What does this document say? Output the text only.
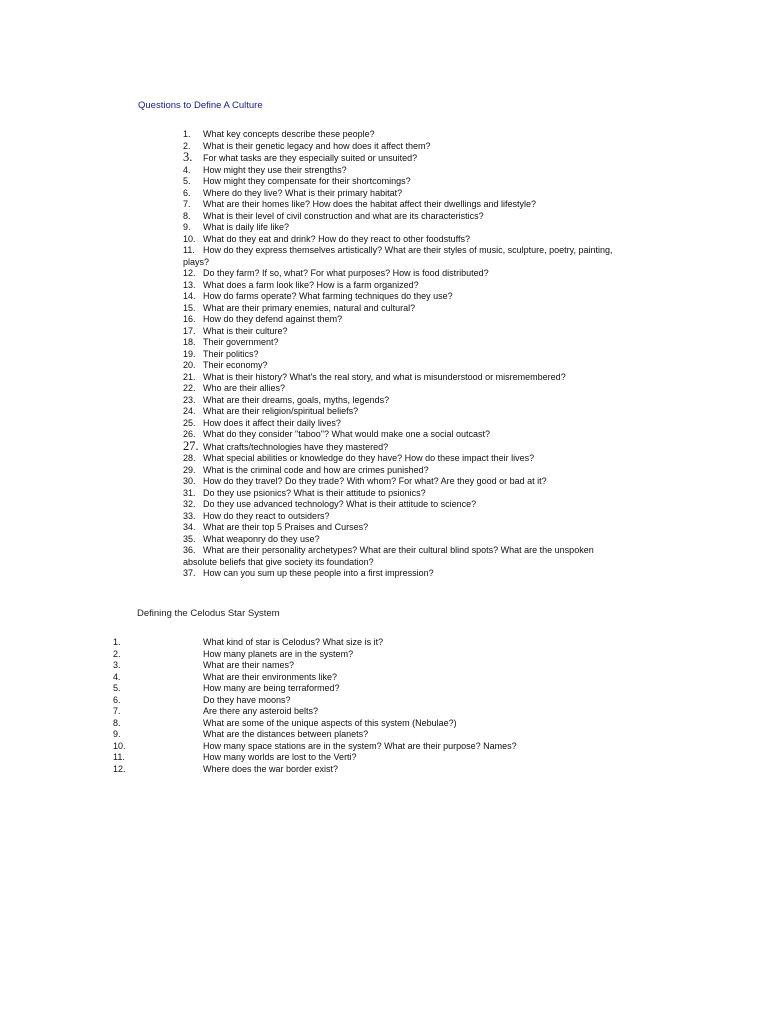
Questions to Define A Culture
1. What key concepts describe these people?
2. What is their genetic legacy and how does it affect them?
3. For what tasks are they especially suited or unsuited?
4. How might they use their strengths?
5. How might they compensate for their shortcomings?
6. Where do they live? What is their primary habitat?
7. What are their homes like? How does the habitat affect their dwellings and lifestyle?
8. What is their level of civil construction and what are its characteristics?
9. What is daily life like?
10. What do they eat and drink? How do they react to other foodstuffs?
11. How do they express themselves artistically? What are their styles of music, sculpture, poetry, painting, plays?
12. Do they farm? If so, what? For what purposes? How is food distributed?
13. What does a farm look like? How is a farm organized?
14. How do farms operate? What farming techniques do they use?
15. What are their primary enemies, natural and cultural?
16. How do they defend against them?
17. What is their culture?
18. Their government?
19. Their politics?
20. Their economy?
21. What is their history? What's the real story, and what is misunderstood or misremembered?
22. Who are their allies?
23. What are their dreams, goals, myths, legends?
24. What are their religion/spiritual beliefs?
25. How does it affect their daily lives?
26. What do they consider "taboo"? What would make one a social outcast?
27. What crafts/technologies have they mastered?
28. What special abilities or knowledge do they have? How do these impact their lives?
29. What is the criminal code and how are crimes punished?
30. How do they travel? Do they trade? With whom? For what? Are they good or bad at it?
31. Do they use psionics? What is their attitude to psionics?
32. Do they use advanced technology? What is their attitude to science?
33. How do they react to outsiders?
34. What are their top 5 Praises and Curses?
35. What weaponry do they use?
36. What are their personality archetypes? What are their cultural blind spots? What are the unspoken absolute beliefs that give society its foundation?
37. How can you sum up these people into a first impression?
Defining the Celodus Star System
1.	What kind of star is Celodus? What size is it?
2.	How many planets are in the system?
3.	What are their names?
4.	What are their environments like?
5.	How many are being terraformed?
6.	Do they have moons?
7.	Are there any asteroid belts?
8.	What are some of the unique aspects of this system (Nebulae?)
9.	What are the distances between planets?
10.	How many space stations are in the system? What are their purpose? Names?
11.	How many worlds are lost to the Verti?
12.	Where does the war border exist?
